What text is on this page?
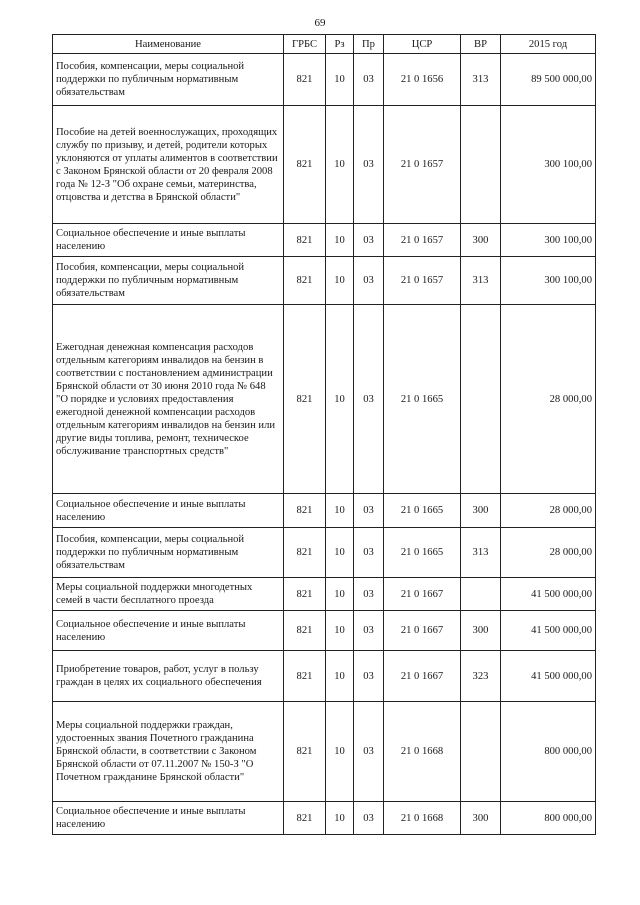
69
Наименование	ГРБС	Рз	Пр	ЦСР	ВР	2015 год
Пособия, компенсации, меры социальной поддержки по публичным нормативным обязательствам	821	10	03	21 0 1656	313	89 500 000,00
Пособие на детей военнослужащих, проходящих службу по призыву, и детей, родители которых уклоняются от уплаты алиментов в соответствии с Законом Брянской области от 20 февраля 2008 года № 12-З "Об охране семьи, материнства, отцовства и детства в Брянской области"	821	10	03	21 0 1657		300 100,00
Социальное обеспечение и иные выплаты населению	821	10	03	21 0 1657	300	300 100,00
Пособия, компенсации, меры социальной поддержки по публичным нормативным обязательствам	821	10	03	21 0 1657	313	300 100,00
Ежегодная денежная компенсация расходов отдельным категориям инвалидов на бензин в соответствии с постановлением администрации Брянской области от 30 июня 2010 года № 648 "О порядке и условиях предоставления ежегодной денежной компенсации расходов отдельным категориям инвалидов на бензин или другие виды топлива, ремонт, техническое обслуживание транспортных средств"	821	10	03	21 0 1665		28 000,00
Социальное обеспечение и иные выплаты населению	821	10	03	21 0 1665	300	28 000,00
Пособия, компенсации, меры социальной поддержки по публичным нормативным обязательствам	821	10	03	21 0 1665	313	28 000,00
Меры социальной поддержки многодетных семей в части бесплатного проезда	821	10	03	21 0 1667		41 500 000,00
Социальное обеспечение и иные выплаты населению	821	10	03	21 0 1667	300	41 500 000,00
Приобретение товаров, работ, услуг в пользу граждан в целях их социального обеспечения	821	10	03	21 0 1667	323	41 500 000,00
Меры социальной поддержки граждан, удостоенных звания Почетного гражданина Брянской области, в соответствии с Законом Брянской области от 07.11.2007 № 150-З "О Почетном гражданине Брянской области"	821	10	03	21 0 1668		800 000,00
Социальное обеспечение и иные выплаты населению	821	10	03	21 0 1668	300	800 000,00
